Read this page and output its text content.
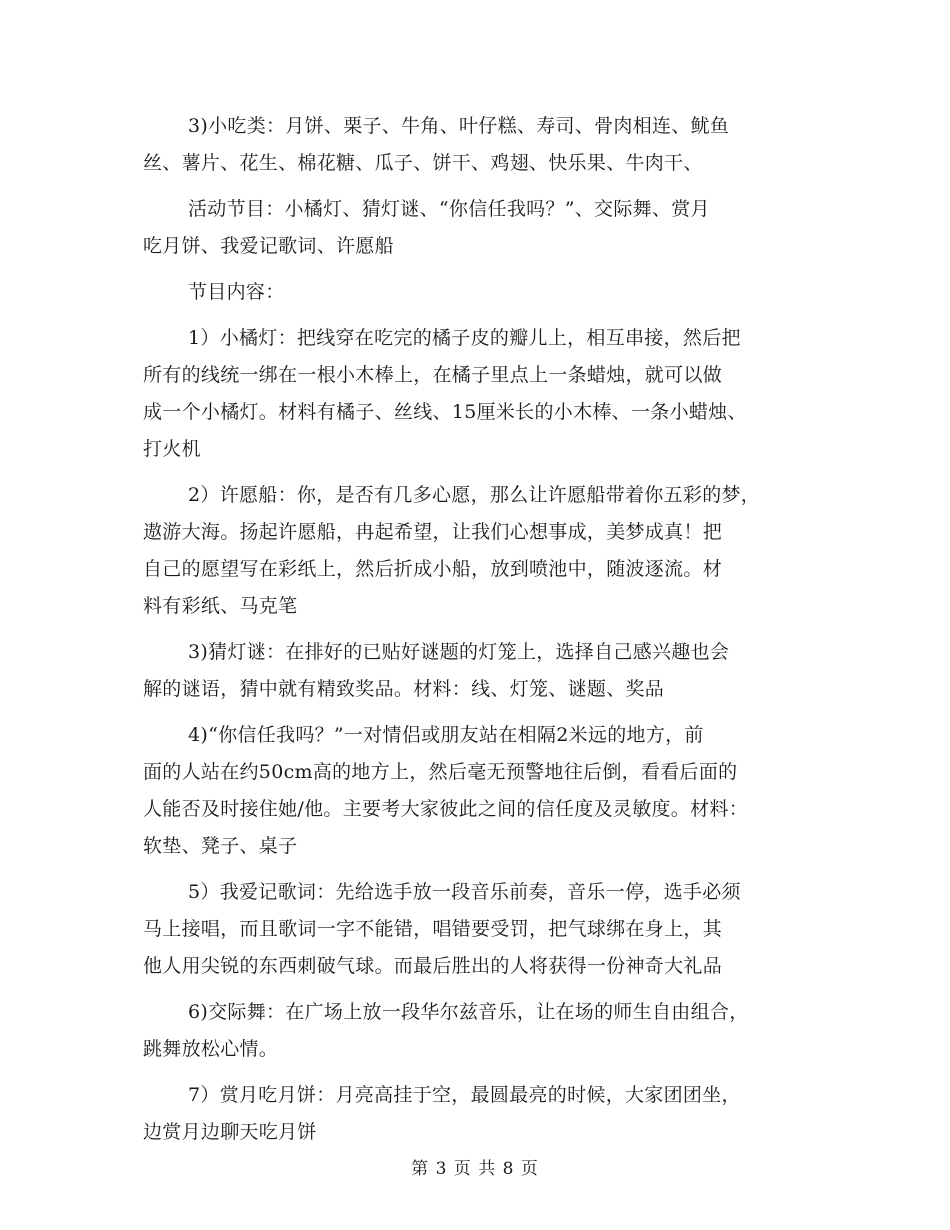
3)小吃类：月饼、栗子、牛角、叶仔糕、寿司、骨肉相连、鱿鱼
丝、薯片、花生、棉花糖、瓜子、饼干、鸡翅、快乐果、牛肉干、
活动节目：小橘灯、猜灯谜、“你信任我吗？”、交际舞、赏月
吃月饼、我爱记歌词、许愿船
节目内容：
1）小橘灯：把线穿在吃完的橘子皮的瓣儿上，相互串接，然后把
所有的线统一绑在一根小木棒上，在橘子里点上一条蜡烛，就可以做
成一个小橘灯。材料有橘子、丝线、15厘米长的小木棒、一条小蜡烛、
打火机
2）许愿船：你，是否有几多心愿，那么让许愿船带着你五彩的梦，
遨游大海。扬起许愿船，冉起希望，让我们心想事成，美梦成真！把
自己的愿望写在彩纸上，然后折成小船，放到喷池中，随波逐流。材
料有彩纸、马克笔
3)猜灯谜：在排好的已贴好谜题的灯笼上，选择自己感兴趣也会
解的谜语，猜中就有精致奖品。材料：线、灯笼、谜题、奖品
4)“你信任我吗？”一对情侣或朋友站在相隔2米远的地方，前
面的人站在约50cm高的地方上，然后毫无预警地往后倒，看看后面的
人能否及时接住她/他。主要考大家彼此之间的信任度及灵敏度。材料：
软垫、凳子、桌子
5）我爱记歌词：先给选手放一段音乐前奏，音乐一停，选手必须
马上接唱，而且歌词一字不能错，唱错要受罚，把气球绑在身上，其
他人用尖锐的东西刺破气球。而最后胜出的人将获得一份神奇大礼品
6)交际舞：在广场上放一段华尔兹音乐，让在场的师生自由组合，
跳舞放松心情。
7）赏月吃月饼：月亮高挂于空，最圆最亮的时候，大家团团坐，
边赏月边聊天吃月饼
第 3 页 共 8 页
